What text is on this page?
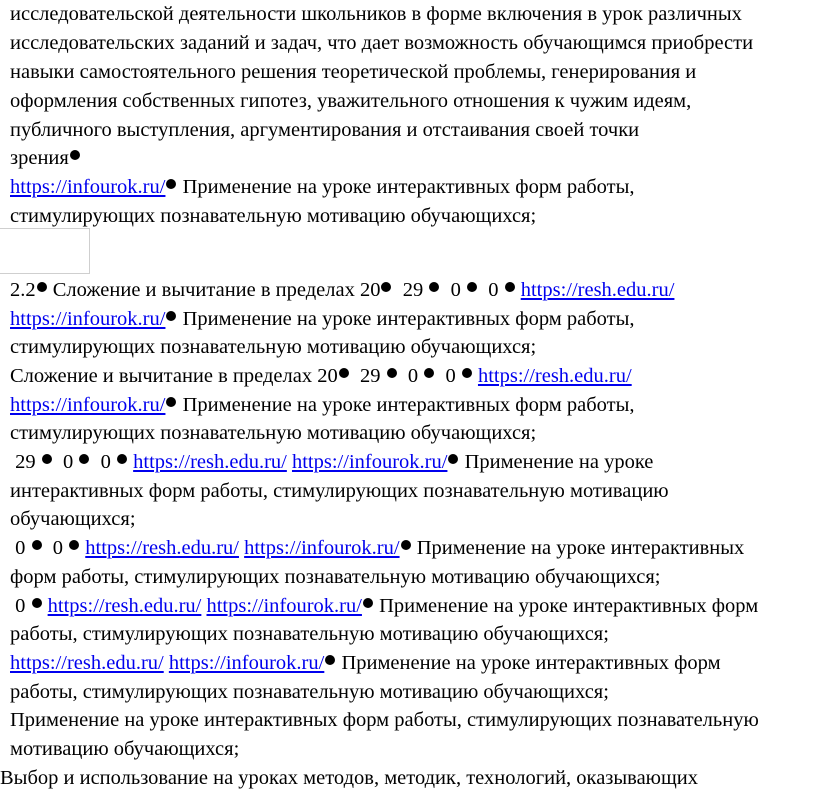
исследовательской деятельности школьников в форме включения в урок различных
исследовательских заданий и задач, что дает возможность обучающимся приобрести
навыки самостоятельного решения теоретической проблемы, генерирования и
оформления собственных гипотез, уважительного отношения к чужим идеям,
публичного выступления, аргументирования и отстаивания своей точки
зрения
https://infourok.ru/ Применение на уроке интерактивных форм работы,
стимулирующих познавательную мотивацию обучающихся;
2.2 Сложение и вычитание в пределах 20 29 0 0 https://resh.edu.ru/
https://infourok.ru/ Применение на уроке интерактивных форм работы,
стимулирующих познавательную мотивацию обучающихся;
Сложение и вычитание в пределах 20 29 0 0 https://resh.edu.ru/
https://infourok.ru/ Применение на уроке интерактивных форм работы,
стимулирующих познавательную мотивацию обучающихся;
29 0 0 https://resh.edu.ru/ https://infourok.ru/ Применение на уроке
интерактивных форм работы, стимулирующих познавательную мотивацию
обучающихся;
0 0 https://resh.edu.ru/ https://infourok.ru/ Применение на уроке интерактивных
форм работы, стимулирующих познавательную мотивацию обучающихся;
0 https://resh.edu.ru/ https://infourok.ru/ Применение на уроке интерактивных форм
работы, стимулирующих познавательную мотивацию обучающихся;
https://resh.edu.ru/ https://infourok.ru/ Применение на уроке интерактивных форм
работы, стимулирующих познавательную мотивацию обучающихся;
Применение на уроке интерактивных форм работы, стимулирующих познавательную
мотивацию обучающихся;
Выбор и использование на уроках методов, методик, технологий, оказывающих
